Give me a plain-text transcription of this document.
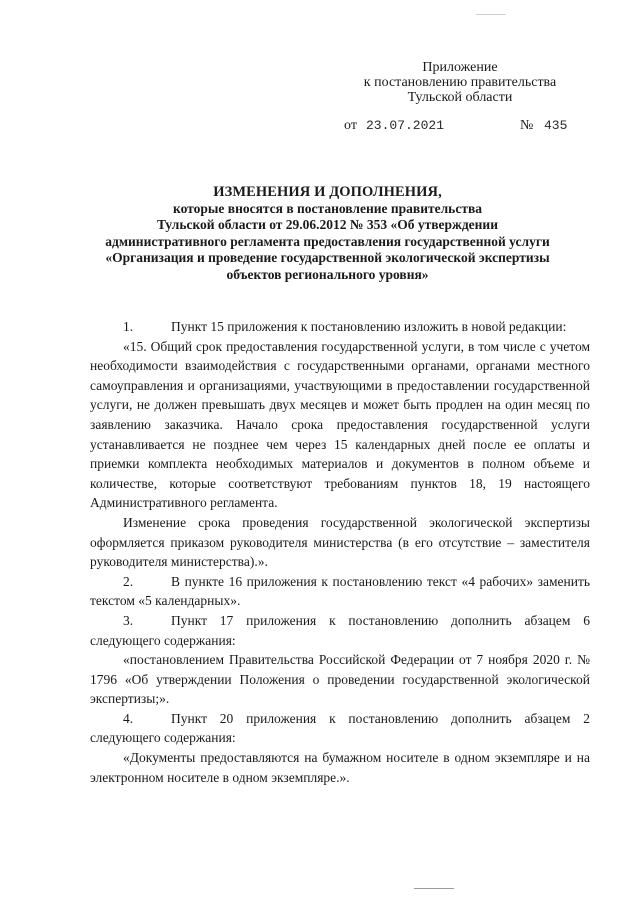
Приложение
к постановлению правительства
Тульской области
от 23.07.2021	№ 435
ИЗМЕНЕНИЯ И ДОПОЛНЕНИЯ,
которые вносятся в постановление правительства
Тульской области от 29.06.2012 № 353 «Об утверждении
административного регламента предоставления государственной услуги
«Организация и проведение государственной экологической экспертизы
объектов регионального уровня»

1.	Пункт 15 приложения к постановлению изложить в новой редакции:

«15. Общий срок предоставления государственной услуги, в том числе с учетом необходимости взаимодействия с государственными органами, органами местного самоуправления и организациями, участвующими в предоставлении государственной услуги, не должен превышать двух месяцев и может быть продлен на один месяц по заявлению заказчика. Начало срока предоставления государственной услуги устанавливается не позднее чем через 15 календарных дней после ее оплаты и приемки комплекта необходимых материалов и документов в полном объеме и количестве, которые соответствуют требованиям пунктов 18, 19 настоящего Административного регламента.

Изменение срока проведения государственной экологической экспертизы оформляется приказом руководителя министерства (в его отсутствие – заместителя руководителя министерства).».

2.	В пункте 16 приложения к постановлению текст «4 рабочих» заменить текстом «5 календарных».

3.	Пункт 17 приложения к постановлению дополнить абзацем 6 следующего содержания:

«постановлением Правительства Российской Федерации от 7 ноября 2020 г. № 1796 «Об утверждении Положения о проведении государственной экологической экспертизы;».

4.	Пункт 20 приложения к постановлению дополнить абзацем 2 следующего содержания:

«Документы предоставляются на бумажном носителе в одном экземпляре и на электронном носителе в одном экземпляре.».
